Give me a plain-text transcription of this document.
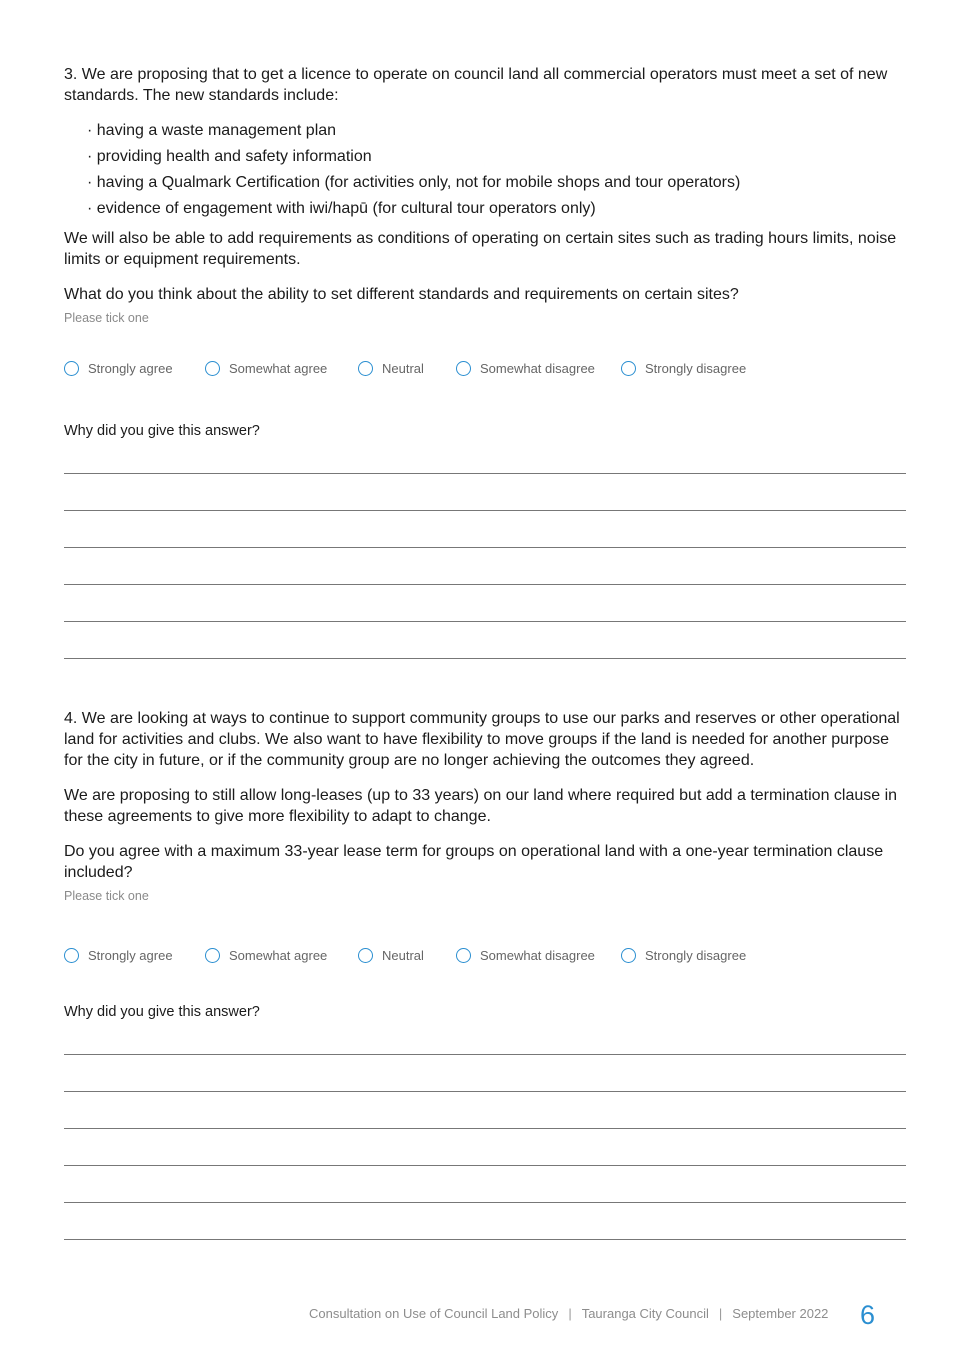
3. We are proposing that to get a licence to operate on council land all commercial operators must meet a set of new standards. The new standards include:

· having a waste management plan
· providing health and safety information
· having a Qualmark Certification (for activities only, not for mobile shops and tour operators)
· evidence of engagement with iwi/hapū (for cultural tour operators only)

We will also be able to add requirements as conditions of operating on certain sites such as trading hours limits, noise limits or equipment requirements.

What do you think about the ability to set different standards and requirements on certain sites?

Please tick one
Strongly agree	Somewhat agree	Neutral	Somewhat disagree	Strongly disagree
Why did you give this answer?

4. We are looking at ways to continue to support community groups to use our parks and reserves or other operational land for activities and clubs. We also want to have flexibility to move groups if the land is needed for another purpose for the city in future, or if the community group are no longer achieving the outcomes they agreed.

We are proposing to still allow long-leases (up to 33 years) on our land where required but add a termination clause in these agreements to give more flexibility to adapt to change.

Do you agree with a maximum 33-year lease term for groups on operational land with a one-year termination clause included?

Please tick one
Strongly agree	Somewhat agree	Neutral	Somewhat disagree	Strongly disagree
Why did you give this answer?
Consultation on Use of Council Land Policy | Tauranga City Council | September 2022 6
